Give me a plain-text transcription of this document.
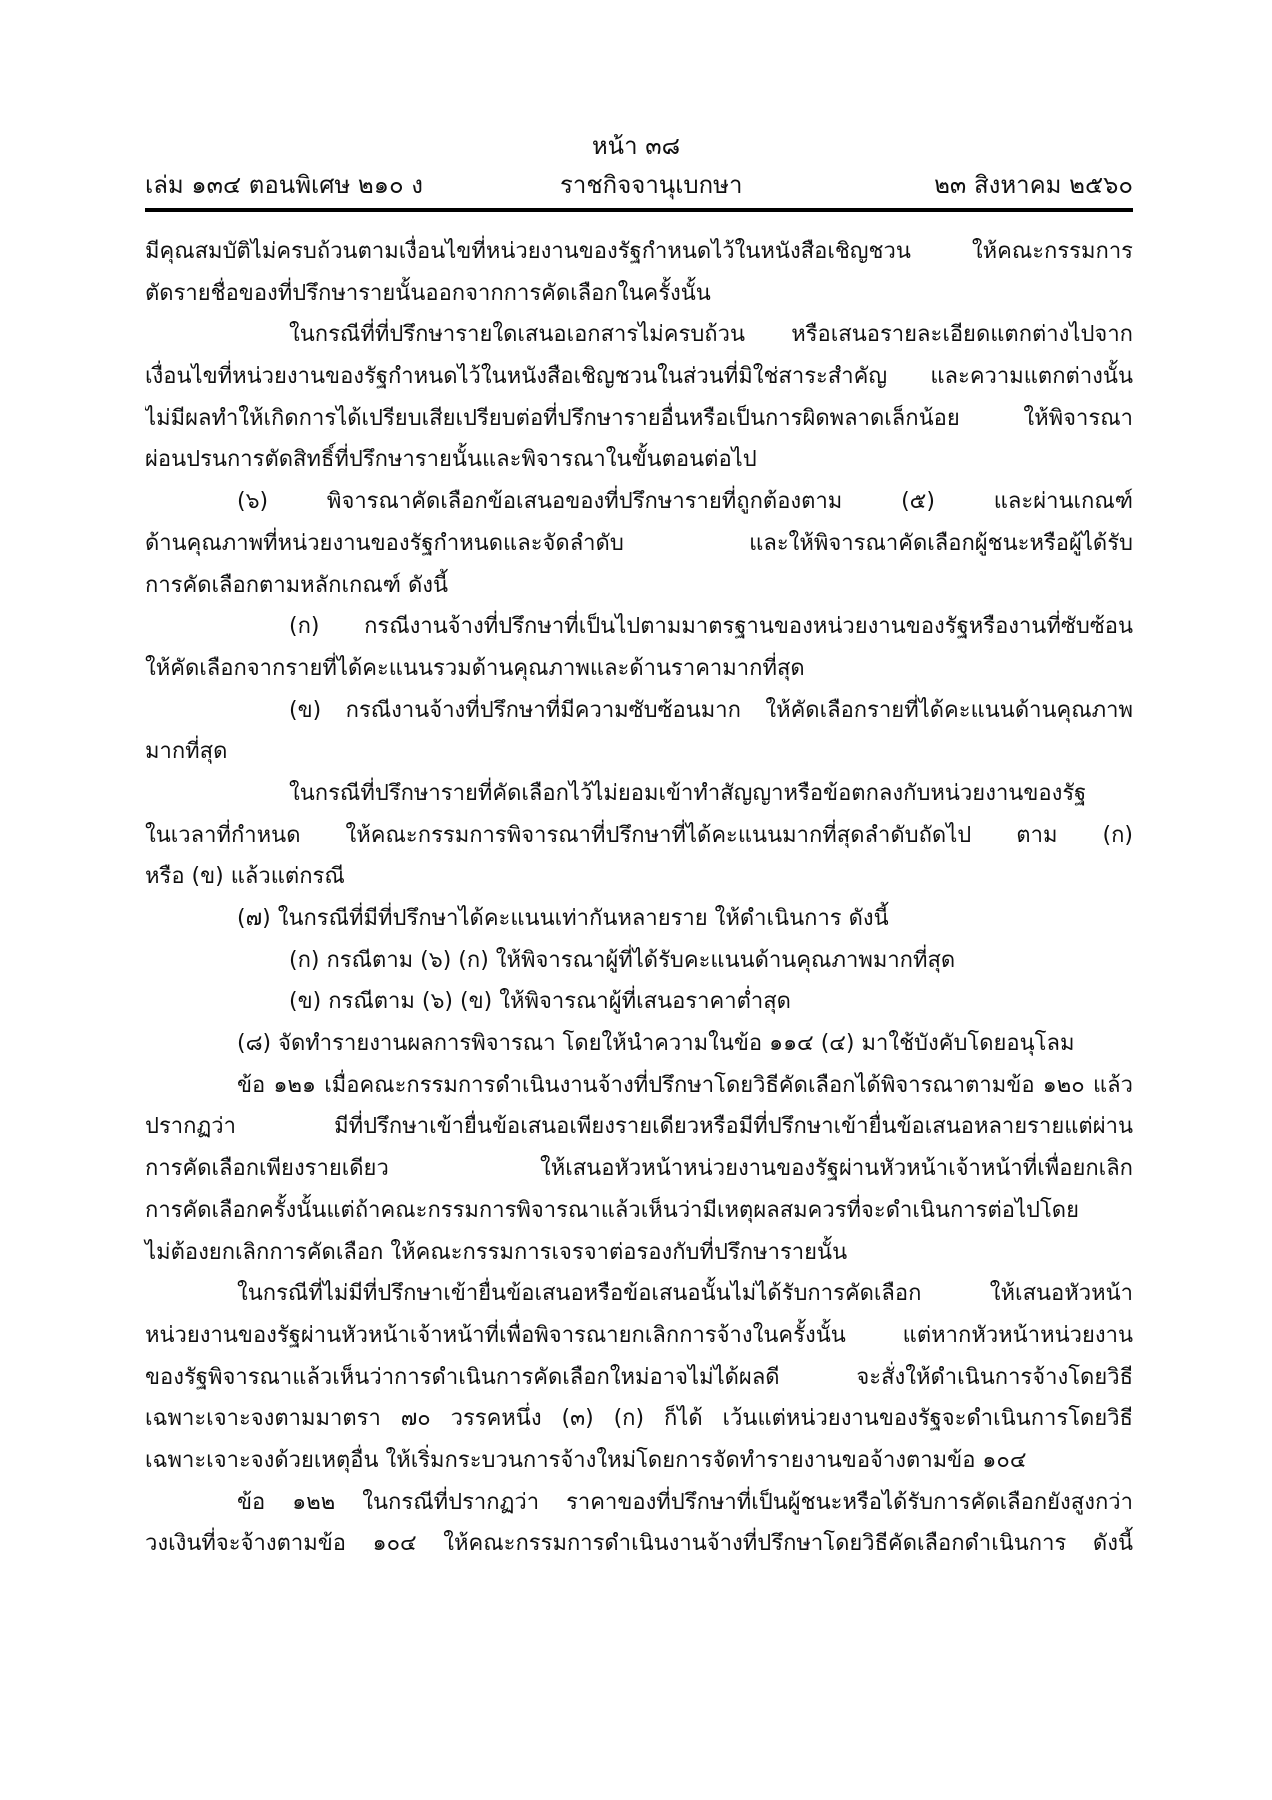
หน้า ๓๘
เล่ม ๑๓๔ ตอนพิเศษ ๒๑๐ ง	ราชกิจจานุเบกษา	๒๓ สิงหาคม ๒๕๖๐
มีคุณสมบัติไม่ครบถ้วนตามเงื่อนไขที่หน่วยงานของรัฐกำหนดไว้ในหนังสือเชิญชวน ให้คณะกรรมการ
ตัดรายชื่อของที่ปรึกษารายนั้นออกจากการคัดเลือกในครั้งนั้น
ในกรณีที่ที่ปรึกษารายใดเสนอเอกสารไม่ครบถ้วน หรือเสนอรายละเอียดแตกต่างไปจาก
เงื่อนไขที่หน่วยงานของรัฐกำหนดไว้ในหนังสือเชิญชวนในส่วนที่มิใช่สาระสำคัญ และความแตกต่างนั้น
ไม่มีผลทำให้เกิดการได้เปรียบเสียเปรียบต่อที่ปรึกษารายอื่นหรือเป็นการผิดพลาดเล็กน้อย ให้พิจารณา
ผ่อนปรนการตัดสิทธิ์ที่ปรึกษารายนั้นและพิจารณาในขั้นตอนต่อไป
(๖) พิจารณาคัดเลือกข้อเสนอของที่ปรึกษารายที่ถูกต้องตาม (๕) และผ่านเกณฑ์
ด้านคุณภาพที่หน่วยงานของรัฐกำหนดและจัดลำดับ และให้พิจารณาคัดเลือกผู้ชนะหรือผู้ได้รับ
การคัดเลือกตามหลักเกณฑ์ ดังนี้
(ก) กรณีงานจ้างที่ปรึกษาที่เป็นไปตามมาตรฐานของหน่วยงานของรัฐหรืองานที่ซับซ้อน
ให้คัดเลือกจากรายที่ได้คะแนนรวมด้านคุณภาพและด้านราคามากที่สุด
(ข) กรณีงานจ้างที่ปรึกษาที่มีความซับซ้อนมาก ให้คัดเลือกรายที่ได้คะแนนด้านคุณภาพ
มากที่สุด
ในกรณีที่ปรึกษารายที่คัดเลือกไว้ไม่ยอมเข้าทำสัญญาหรือข้อตกลงกับหน่วยงานของรัฐ
ในเวลาที่กำหนด ให้คณะกรรมการพิจารณาที่ปรึกษาที่ได้คะแนนมากที่สุดลำดับถัดไป ตาม (ก)
หรือ (ข) แล้วแต่กรณี
(๗) ในกรณีที่มีที่ปรึกษาได้คะแนนเท่ากันหลายราย ให้ดำเนินการ ดังนี้
(ก) กรณีตาม (๖) (ก) ให้พิจารณาผู้ที่ได้รับคะแนนด้านคุณภาพมากที่สุด
(ข) กรณีตาม (๖) (ข) ให้พิจารณาผู้ที่เสนอราคาต่ำสุด
(๘) จัดทำรายงานผลการพิจารณา โดยให้นำความในข้อ ๑๑๔ (๔) มาใช้บังคับโดยอนุโลม
ข้อ ๑๒๑ เมื่อคณะกรรมการดำเนินงานจ้างที่ปรึกษาโดยวิธีคัดเลือกได้พิจารณาตามข้อ ๑๒๐ แล้ว
ปรากฏว่า มีที่ปรึกษาเข้ายื่นข้อเสนอเพียงรายเดียวหรือมีที่ปรึกษาเข้ายื่นข้อเสนอหลายรายแต่ผ่าน
การคัดเลือกเพียงรายเดียว ให้เสนอหัวหน้าหน่วยงานของรัฐผ่านหัวหน้าเจ้าหน้าที่เพื่อยกเลิก
การคัดเลือกครั้งนั้นแต่ถ้าคณะกรรมการพิจารณาแล้วเห็นว่ามีเหตุผลสมควรที่จะดำเนินการต่อไปโดย
ไม่ต้องยกเลิกการคัดเลือก ให้คณะกรรมการเจรจาต่อรองกับที่ปรึกษารายนั้น
ในกรณีที่ไม่มีที่ปรึกษาเข้ายื่นข้อเสนอหรือข้อเสนอนั้นไม่ได้รับการคัดเลือก ให้เสนอหัวหน้า
หน่วยงานของรัฐผ่านหัวหน้าเจ้าหน้าที่เพื่อพิจารณายกเลิกการจ้างในครั้งนั้น แต่หากหัวหน้าหน่วยงาน
ของรัฐพิจารณาแล้วเห็นว่าการดำเนินการคัดเลือกใหม่อาจไม่ได้ผลดี จะสั่งให้ดำเนินการจ้างโดยวิธี
เฉพาะเจาะจงตามมาตรา ๗๐ วรรคหนึ่ง (๓) (ก) ก็ได้ เว้นแต่หน่วยงานของรัฐจะดำเนินการโดยวิธี
เฉพาะเจาะจงด้วยเหตุอื่น ให้เริ่มกระบวนการจ้างใหม่โดยการจัดทำรายงานขอจ้างตามข้อ ๑๐๔
ข้อ ๑๒๒ ในกรณีที่ปรากฏว่า ราคาของที่ปรึกษาที่เป็นผู้ชนะหรือได้รับการคัดเลือกยังสูงกว่า
วงเงินที่จะจ้างตามข้อ ๑๐๔ ให้คณะกรรมการดำเนินงานจ้างที่ปรึกษาโดยวิธีคัดเลือกดำเนินการ ดังนี้
